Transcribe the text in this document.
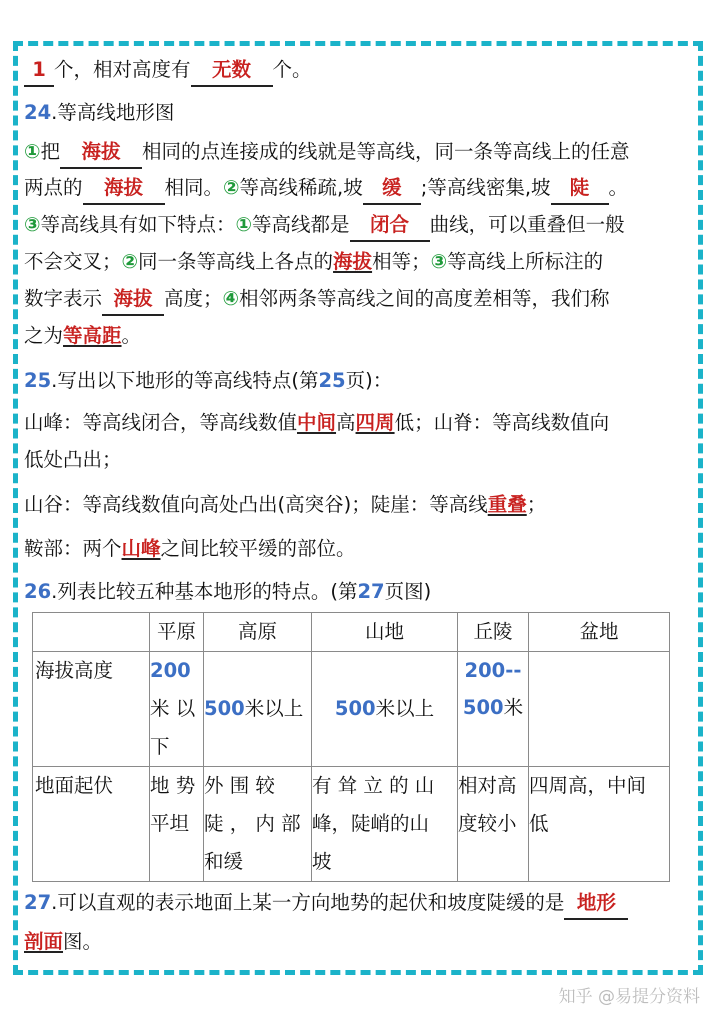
1 个，相对高度有 无数 个。
24.等高线地形图
①把 海拔 相同的点连接成的线就是等高线，同一条等高线上的任意
两点的 海拔 相同。②等高线稀疏,坡 缓 ;等高线密集,坡 陡 。
③等高线具有如下特点：①等高线都是 闭合 曲线，可以重叠但一般
不会交叉；②同一条等高线上各点的海拔相等；③等高线上所标注的
数字表示 海拔 高度；④相邻两条等高线之间的高度差相等，我们称
之为等高距。
25.写出以下地形的等高线特点(第25页)：
山峰：等高线闭合，等高线数值中间高四周低；山脊：等高线数值向
低处凸出；
山谷：等高线数值向高处凸出(高突谷)；陡崖：等高线重叠；
鞍部：两个山峰之间比较平缓的部位。
26.列表比较五种基本地形的特点。(第27页图)
	平原	高原	山地	丘陵	盆地
海拔高度	200
米 以
下	500米以上	500米以上	200--
500米	
地面起伏	地 势
平坦	外 围 较
陡 ， 内 部
和缓	有 耸 立 的 山
峰，陡峭的山
坡	相对高
度较小	四周高，中间
低
27.可以直观的表示地面上某一方向地势的起伏和坡度陡缓的是 地形
剖面图。
知乎 @易提分资料
